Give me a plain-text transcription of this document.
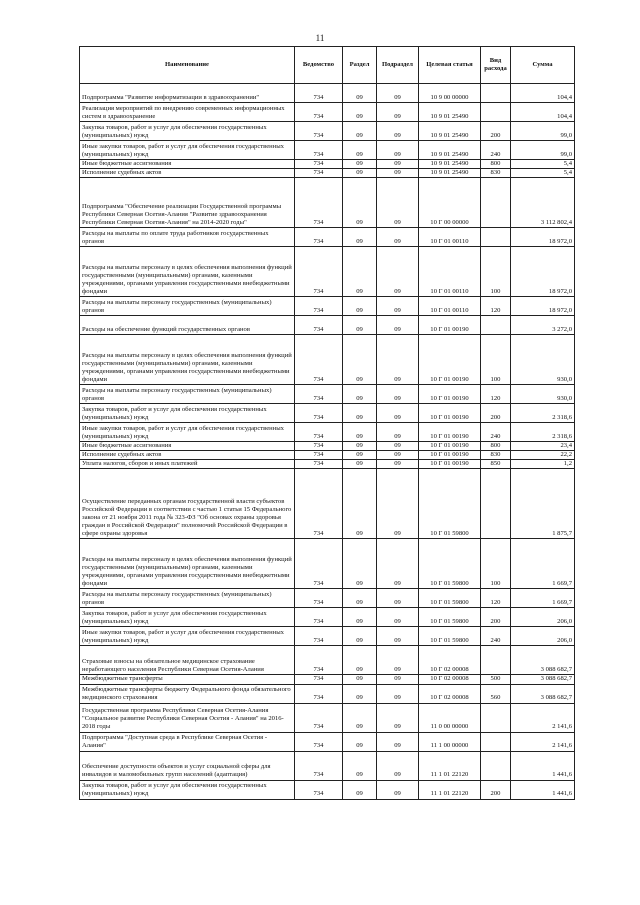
11
Наименование	Ведомство	Раздел	Подраздел	Целевая статья	Вид расхода	Сумма
Подпрограмма "Развитие информатизации в здравоохранении"	734	09	09	10 9 00 00000		104,4
Реализация мероприятий по внедрению современных информационных систем в здравоохранение	734	09	09	10 9 01 25490		104,4
Закупка товаров, работ и услуг для обеспечения государственных (муниципальных) нужд	734	09	09	10 9 01 25490	200	99,0
Иные закупки товаров, работ и услуг для обеспечения государственных (муниципальных) нужд	734	09	09	10 9 01 25490	240	99,0
Иные бюджетные ассигнования	734	09	09	10 9 01 25490	800	5,4
Исполнение судебных актов	734	09	09	10 9 01 25490	830	5,4
Подпрограмма "Обеспечение реализации Государственной программы Республики Северная Осетия-Алания "Развитие здравоохранения Республики Северная Осетия-Алания" на 2014-2020 годы"	734	09	09	10 Г 00 00000		3 112 802,4
Расходы на выплаты по оплате труда работников государственных органов	734	09	09	10 Г 01 00110		18 972,0
Расходы на выплаты персоналу в целях обеспечения выполнения функций государственными (муниципальными) органами, казенными учреждениями, органами управления государственными внебюджетными фондами	734	09	09	10 Г 01 00110	100	18 972,0
Расходы на выплаты персоналу государственных (муниципальных) органов	734	09	09	10 Г 01 00110	120	18 972,0
Расходы на обеспечение функций государственных органов	734	09	09	10 Г 01 00190		3 272,0
Расходы на выплаты персоналу в целях обеспечения выполнения функций государственными (муниципальными) органами, казенными учреждениями, органами управления государственными внебюджетными фондами	734	09	09	10 Г 01 00190	100	930,0
Расходы на выплаты персоналу государственных (муниципальных) органов	734	09	09	10 Г 01 00190	120	930,0
Закупка товаров, работ и услуг для обеспечения государственных (муниципальных) нужд	734	09	09	10 Г 01 00190	200	2 318,6
Иные закупки товаров, работ и услуг для обеспечения государственных (муниципальных) нужд	734	09	09	10 Г 01 00190	240	2 318,6
Иные бюджетные ассигнования	734	09	09	10 Г 01 00190	800	23,4
Исполнение судебных актов	734	09	09	10 Г 01 00190	830	22,2
Уплата налогов, сборов и иных платежей	734	09	09	10 Г 01 00190	850	1,2
Осуществление переданных органам государственной власти субъектов Российской Федерации в соответствии с частью 1 статьи 15 Федерального закона от 21 ноября 2011 года № 323-ФЗ "Об основах охраны здоровья граждан в Российской Федерации" полномочий Российской Федерации в сфере охраны здоровья	734	09	09	10 Г 01 59800		1 875,7
Расходы на выплаты персоналу в целях обеспечения выполнения функций государственными (муниципальными) органами, казенными учреждениями, органами управления государственными внебюджетными фондами	734	09	09	10 Г 01 59800	100	1 669,7
Расходы на выплаты персоналу государственных (муниципальных) органов	734	09	09	10 Г 01 59800	120	1 669,7
Закупка товаров, работ и услуг для обеспечения государственных (муниципальных) нужд	734	09	09	10 Г 01 59800	200	206,0
Иные закупки товаров, работ и услуг для обеспечения государственных (муниципальных) нужд	734	09	09	10 Г 01 59800	240	206,0
Страховые взносы на обязательное медицинское страхование неработающего населения Республики Северная Осетия-Алания	734	09	09	10 Г 02 00008		3 088 682,7
Межбюджетные трансферты	734	09	09	10 Г 02 00008	500	3 088 682,7
Межбюджетные трансферты бюджету Федерального фонда обязательного медицинского страхования	734	09	09	10 Г 02 00008	560	3 088 682,7
Государственная программа Республики Северная Осетия-Алания "Социальное развитие Республики Северная Осетия - Алания" на 2016-2018 годы	734	09	09	11 0 00 00000		2 141,6
Подпрограмма "Доступная среда в Республике Северная Осетия - Алания"	734	09	09	11 1 00 00000		2 141,6
Обеспечение доступности объектов и услуг социальной сферы для инвалидов и маломобильных групп населений (адаптация)	734	09	09	11 1 01 22120		1 441,6
Закупка товаров, работ и услуг для обеспечения государственных (муниципальных) нужд	734	09	09	11 1 01 22120	200	1 441,6
